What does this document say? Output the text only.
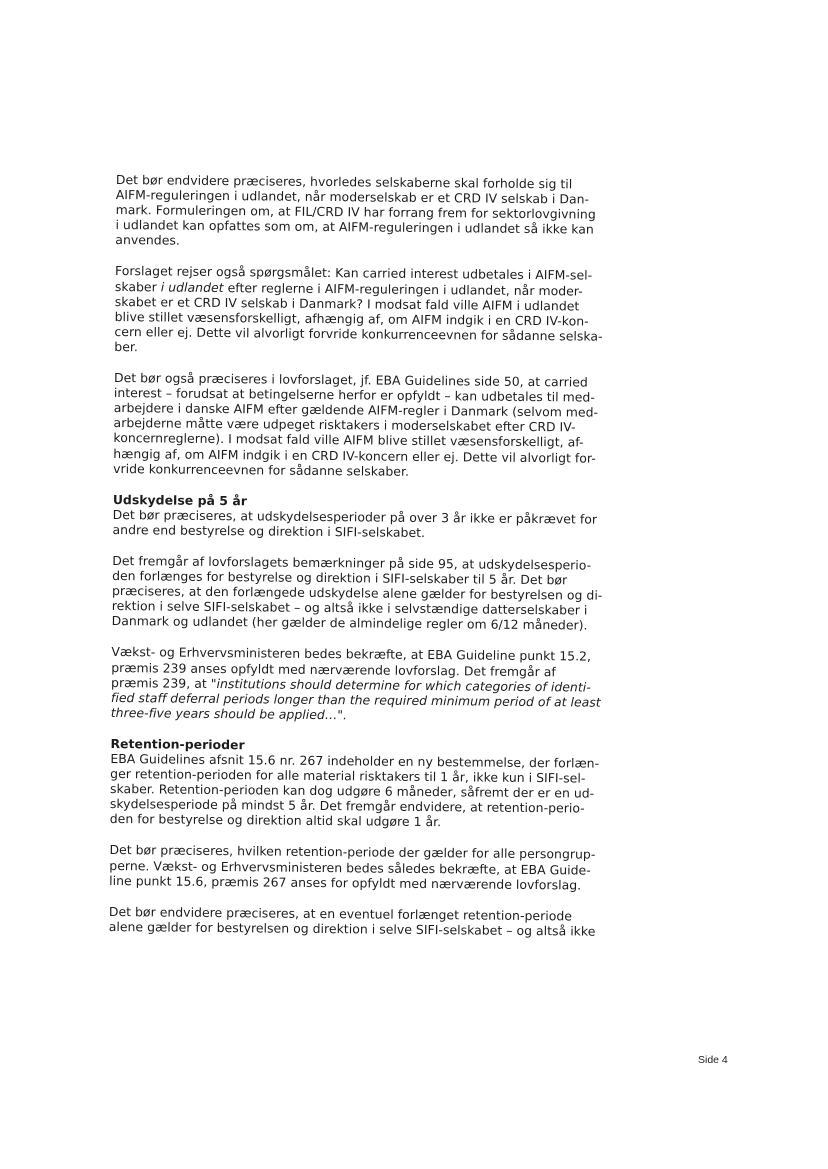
Det bør endvidere præciseres, hvorledes selskaberne skal forholde sig til
AIFM-reguleringen i udlandet, når moderselskab er et CRD IV selskab i Dan-
mark. Formuleringen om, at FIL/CRD IV har forrang frem for sektorlovgivning
i udlandet kan opfattes som om, at AIFM-reguleringen i udlandet så ikke kan
anvendes.

Forslaget rejser også spørgsmålet: Kan carried interest udbetales i AIFM-sel-
skaber i udlandet efter reglerne i AIFM-reguleringen i udlandet, når moder-
skabet er et CRD IV selskab i Danmark? I modsat fald ville AIFM i udlandet
blive stillet væsensforskelligt, afhængig af, om AIFM indgik i en CRD IV-kon-
cern eller ej. Dette vil alvorligt forvride konkurrenceevnen for sådanne selska-
ber.

Det bør også præciseres i lovforslaget, jf. EBA Guidelines side 50, at carried
interest – forudsat at betingelserne herfor er opfyldt – kan udbetales til med-
arbejdere i danske AIFM efter gældende AIFM-regler i Danmark (selvom med-
arbejderne måtte være udpeget risktakers i moderselskabet efter CRD IV-
koncernreglerne). I modsat fald ville AIFM blive stillet væsensforskelligt, af-
hængig af, om AIFM indgik i en CRD IV-koncern eller ej. Dette vil alvorligt for-
vride konkurrenceevnen for sådanne selskaber.

Udskydelse på 5 år
Det bør præciseres, at udskydelsesperioder på over 3 år ikke er påkrævet for
andre end bestyrelse og direktion i SIFI-selskabet.

Det fremgår af lovforslagets bemærkninger på side 95, at udskydelsesperio-
den forlænges for bestyrelse og direktion i SIFI-selskaber til 5 år. Det bør
præciseres, at den forlængede udskydelse alene gælder for bestyrelsen og di-
rektion i selve SIFI-selskabet – og altså ikke i selvstændige datterselskaber i
Danmark og udlandet (her gælder de almindelige regler om 6/12 måneder).

Vækst- og Erhvervsministeren bedes bekræfte, at EBA Guideline punkt 15.2,
præmis 239 anses opfyldt med nærværende lovforslag. Det fremgår af
præmis 239, at "institutions should determine for which categories of identi-
fied staff deferral periods longer than the required minimum period of at least
three-five years should be applied…".

Retention-perioder
EBA Guidelines afsnit 15.6 nr. 267 indeholder en ny bestemmelse, der forlæn-
ger retention-perioden for alle material risktakers til 1 år, ikke kun i SIFI-sel-
skaber. Retention-perioden kan dog udgøre 6 måneder, såfremt der er en ud-
skydelsesperiode på mindst 5 år. Det fremgår endvidere, at retention-perio-
den for bestyrelse og direktion altid skal udgøre 1 år.

Det bør præciseres, hvilken retention-periode der gælder for alle persongrup-
perne. Vækst- og Erhvervsministeren bedes således bekræfte, at EBA Guide-
line punkt 15.6, præmis 267 anses for opfyldt med nærværende lovforslag.

Det bør endvidere præciseres, at en eventuel forlænget retention-periode
alene gælder for bestyrelsen og direktion i selve SIFI-selskabet – og altså ikke

Side 4
